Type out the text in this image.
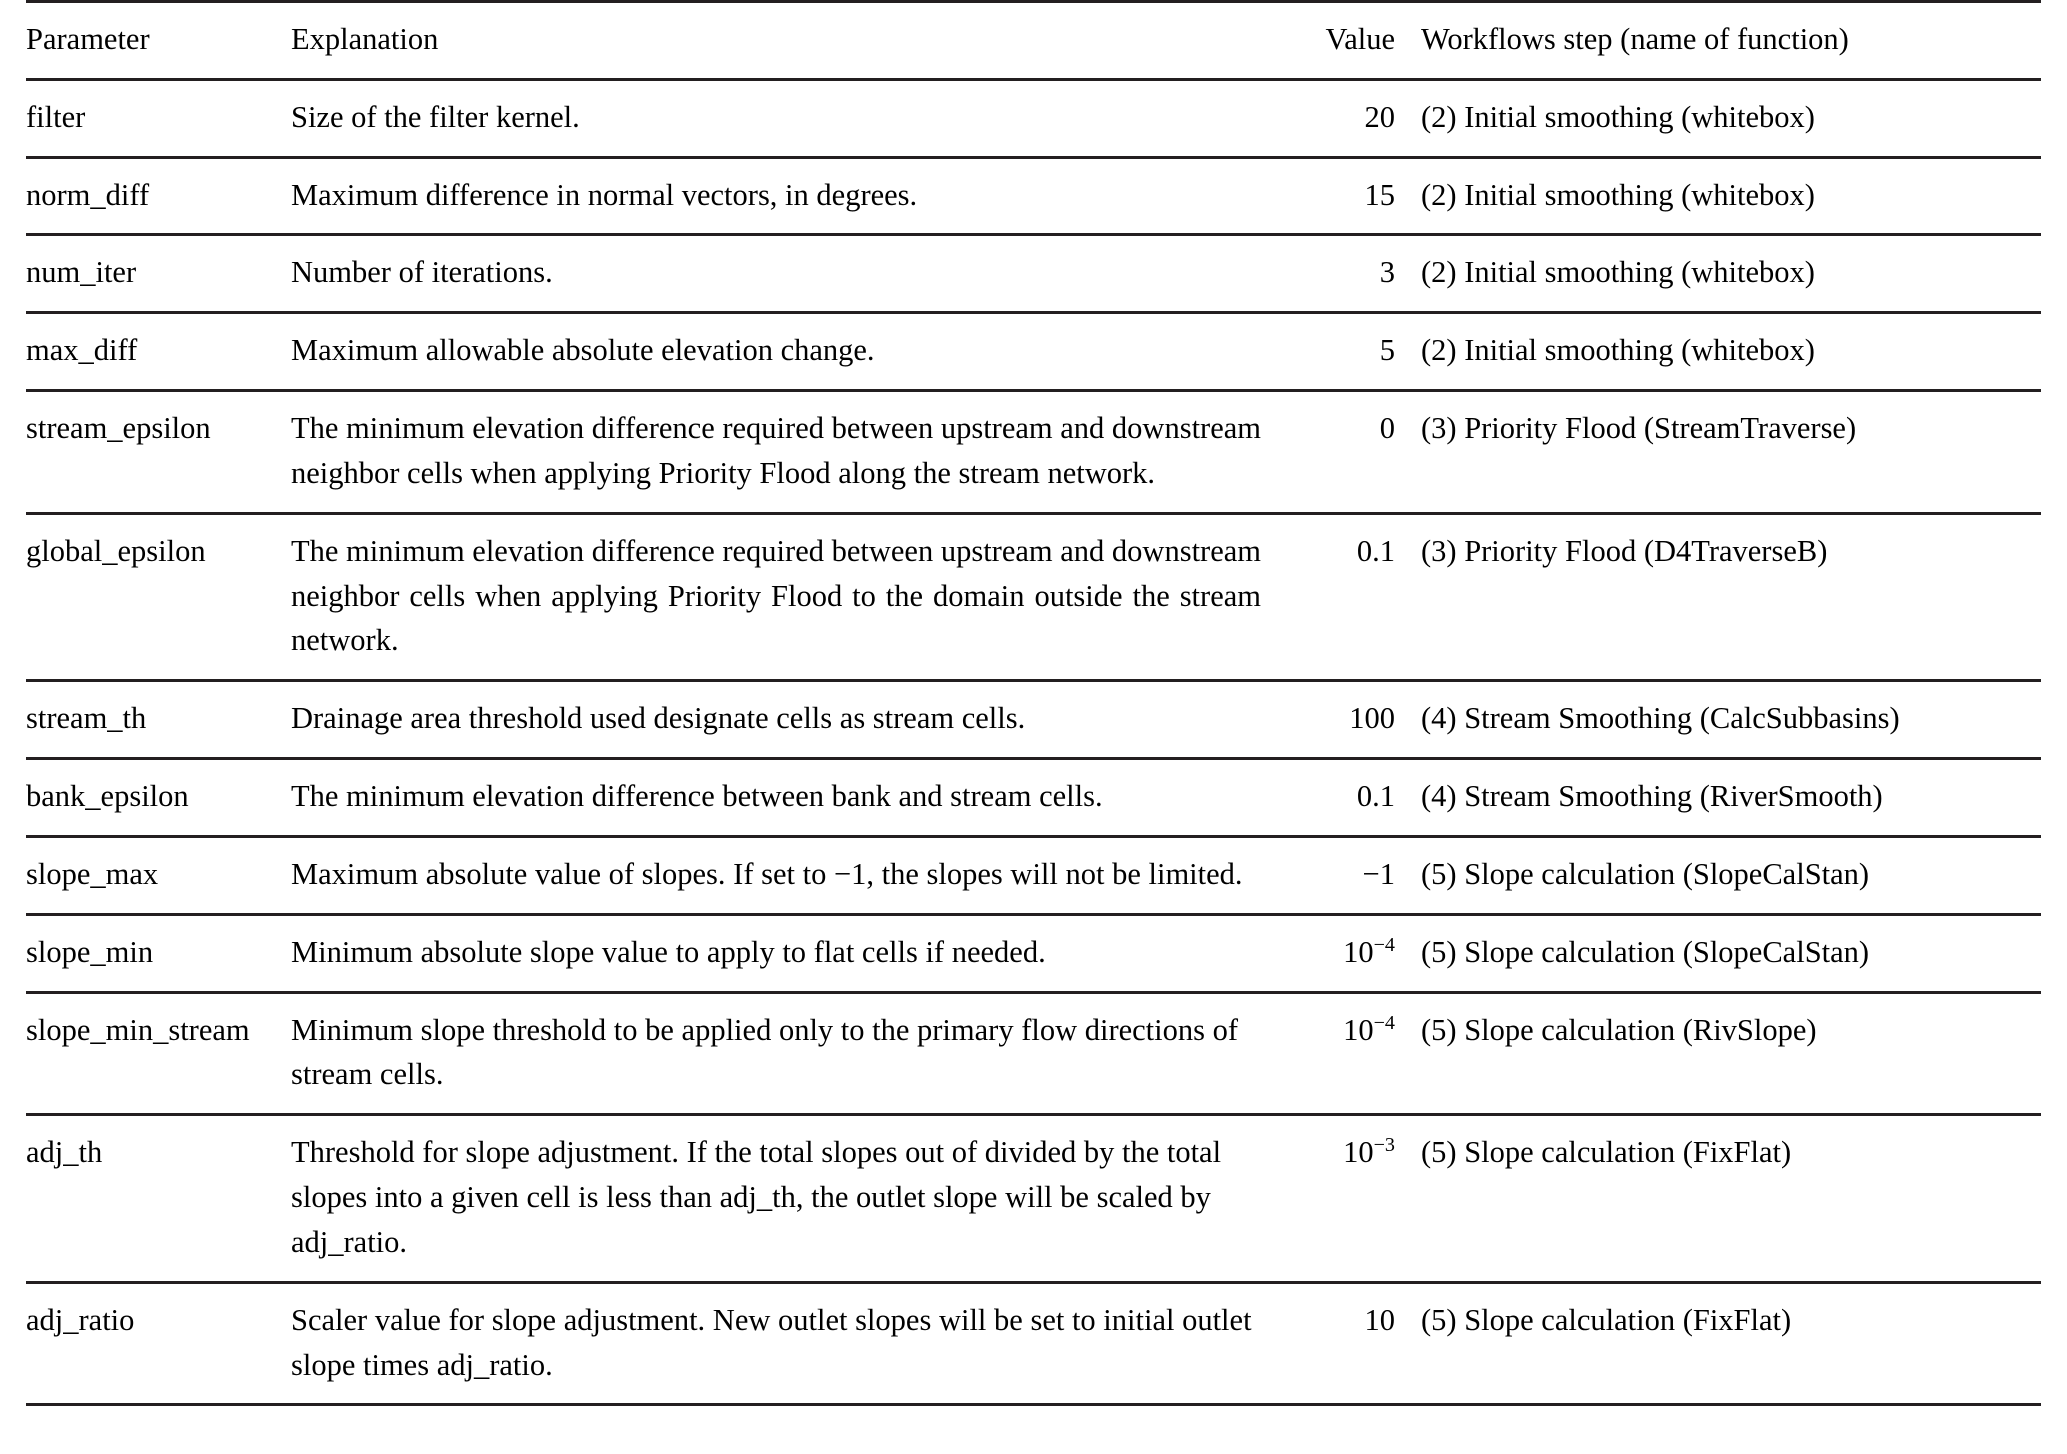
Parameter	Explanation	Value	Workflows step (name of function)
filter	Size of the filter kernel.	20	(2) Initial smoothing (whitebox)
norm_diff	Maximum difference in normal vectors, in degrees.	15	(2) Initial smoothing (whitebox)
num_iter	Number of iterations.	3	(2) Initial smoothing (whitebox)
max_diff	Maximum allowable absolute elevation change.	5	(2) Initial smoothing (whitebox)
stream_epsilon	The minimum elevation difference required between upstream and downstream neighbor cells when applying Priority Flood along the stream network.	0	(3) Priority Flood (StreamTraverse)
global_epsilon	The minimum elevation difference required between upstream and downstream neighbor cells when applying Priority Flood to the domain outside the stream network.	0.1	(3) Priority Flood (D4TraverseB)
stream_th	Drainage area threshold used designate cells as stream cells.	100	(4) Stream Smoothing (CalcSubbasins)
bank_epsilon	The minimum elevation difference between bank and stream cells.	0.1	(4) Stream Smoothing (RiverSmooth)
slope_max	Maximum absolute value of slopes. If set to −1, the slopes will not be limited.	−1	(5) Slope calculation (SlopeCalStan)
slope_min	Minimum absolute slope value to apply to flat cells if needed.	$10^{-4}$	(5) Slope calculation (SlopeCalStan)
slope_min_stream	Minimum slope threshold to be applied only to the primary flow directions of stream cells.	$10^{-4}$	(5) Slope calculation (RivSlope)
adj_th	Threshold for slope adjustment. If the total slopes out of divided by the total slopes into a given cell is less than adj_th, the outlet slope will be scaled by adj_ratio.	$10^{-3}$	(5) Slope calculation (FixFlat)
adj_ratio	Scaler value for slope adjustment. New outlet slopes will be set to initial outlet slope times adj_ratio.	10	(5) Slope calculation (FixFlat)
